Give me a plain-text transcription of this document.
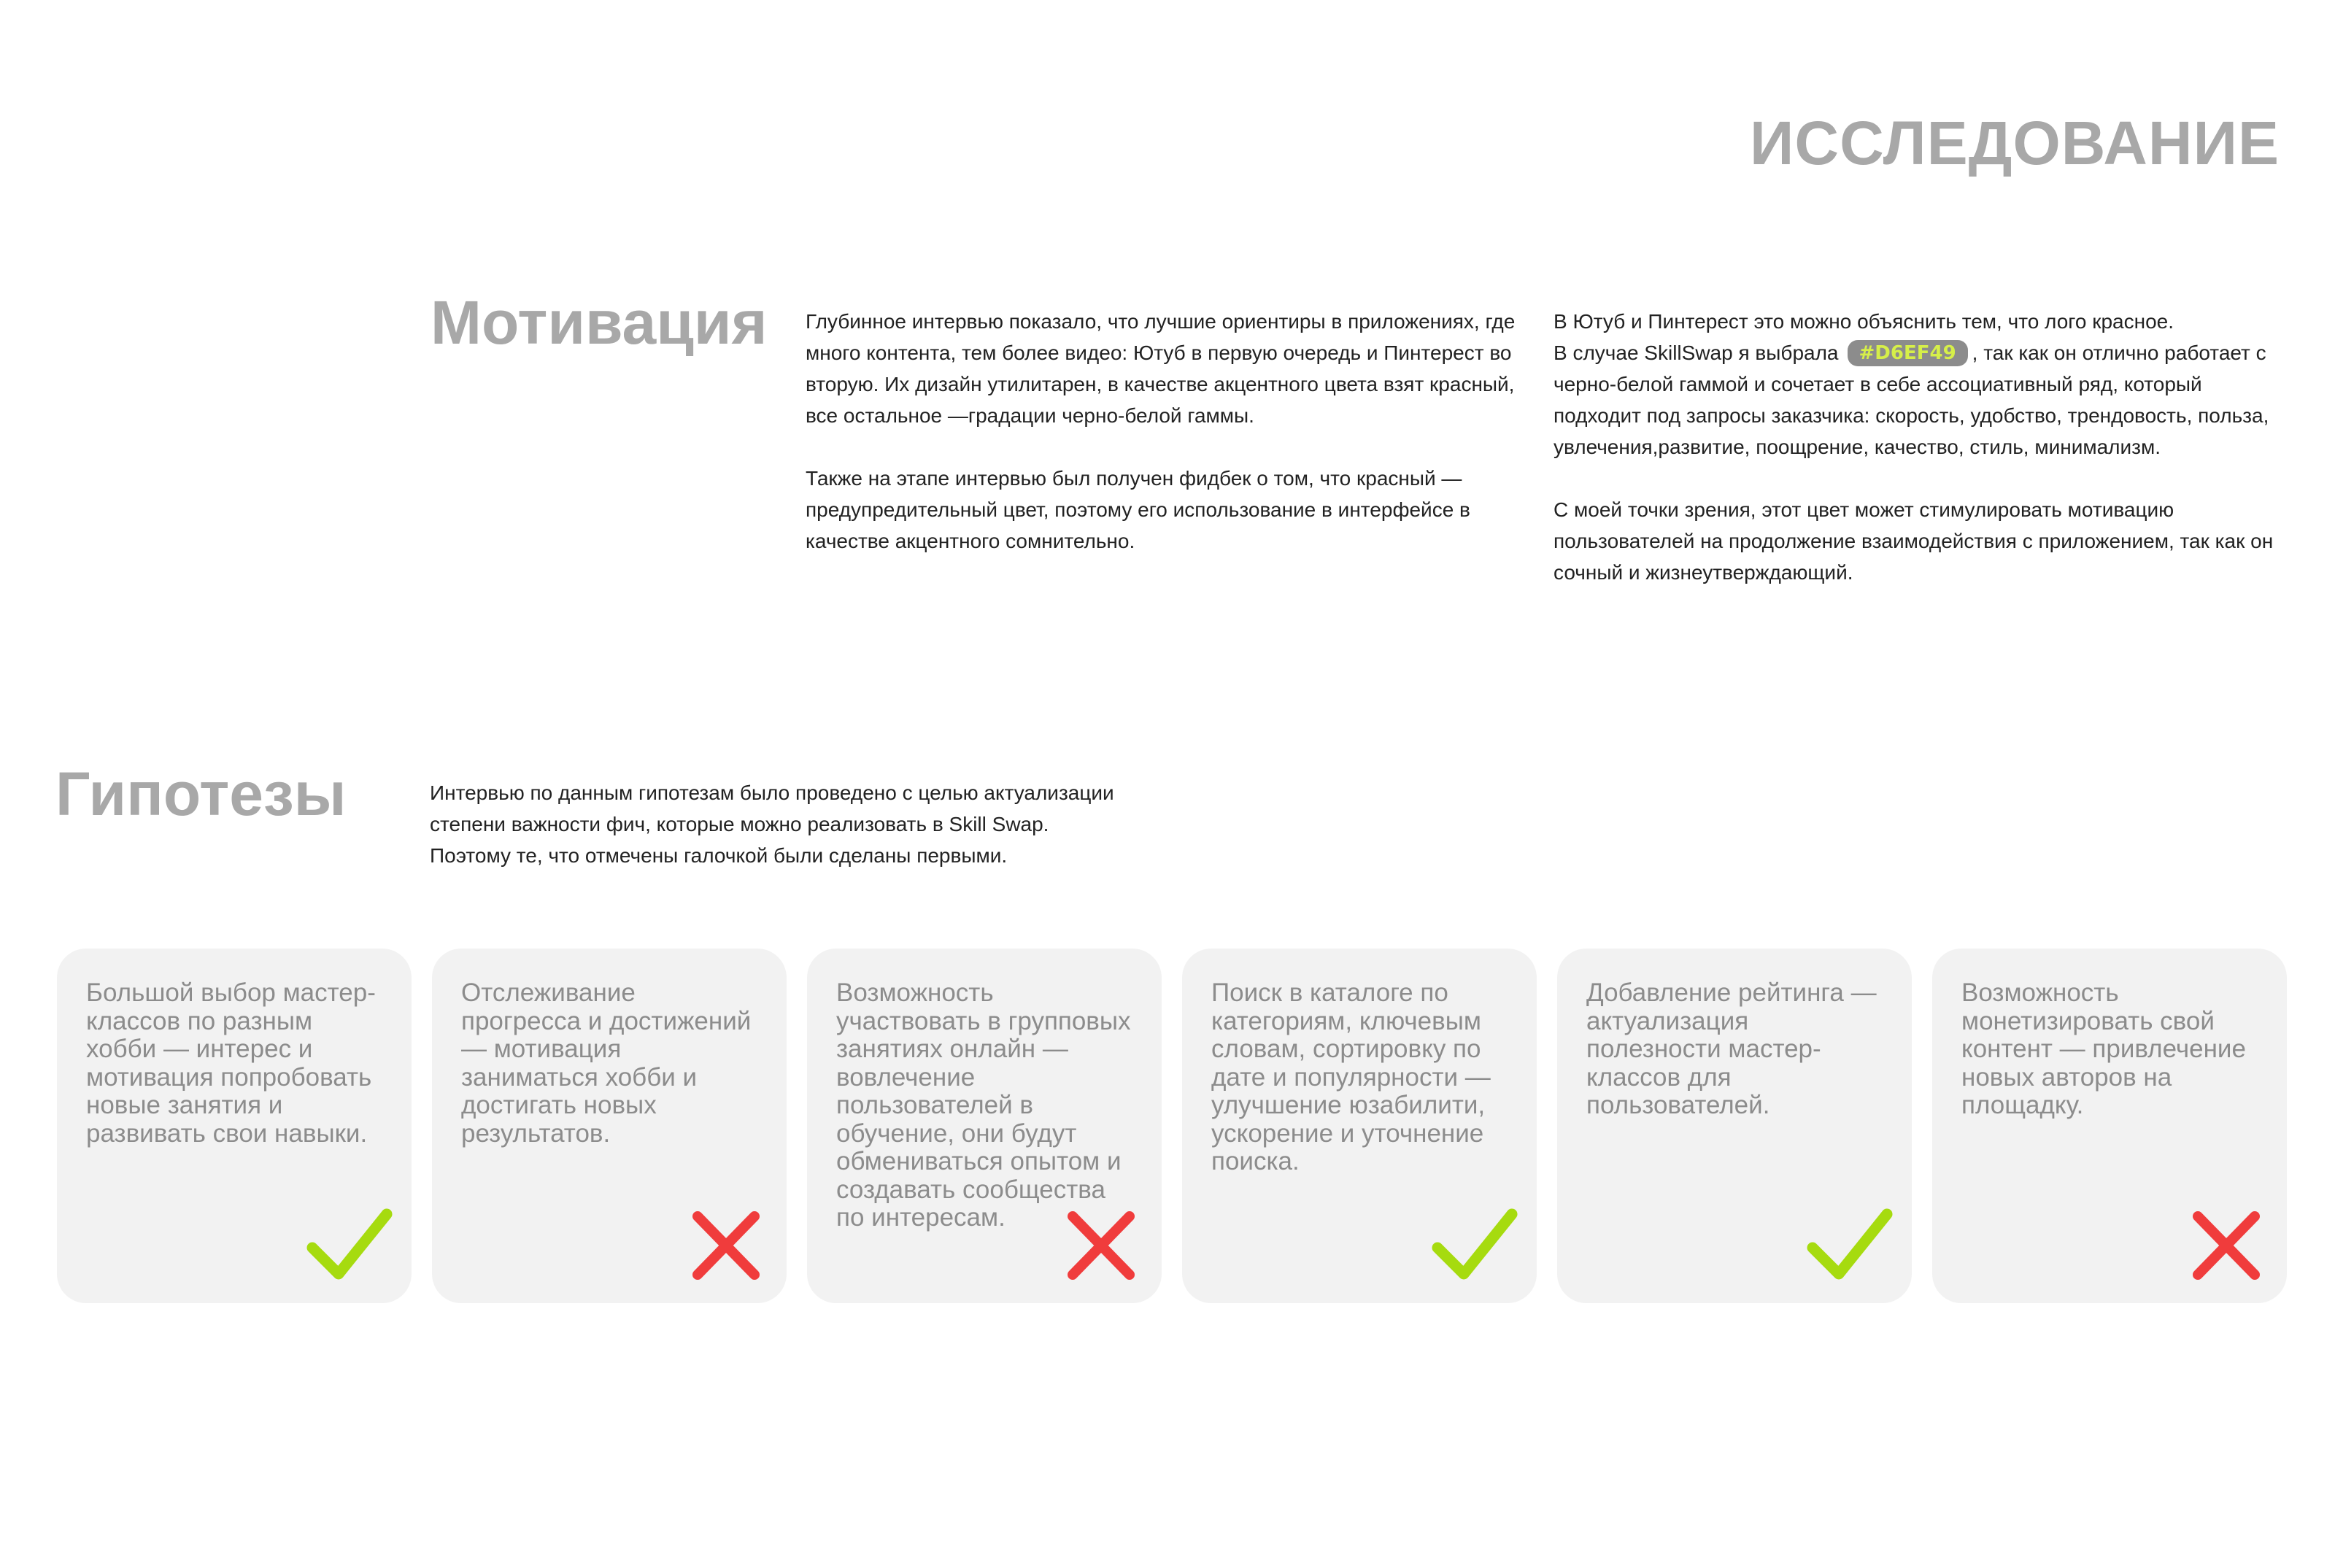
ИССЛЕДОВАНИЕ
Мотивация Глубинное интервью показало, что лучшие ориентиры в приложениях, где много контента, тем более видео: Ютуб в первую очередь и Пинтерест во вторую. Их дизайн утилитарен, в качестве акцентного цвета взят красный, все остальное —градации черно-белой гаммы.

Также на этапе интервью был получен фидбек о том, что красный — предупредительный цвет, поэтому его использование в интерфейсе в качестве акцентного сомнительно.

В Ютуб и Пинтерест это можно объяснить тем, что лого красное.
В случае SkillSwap я выбрала #D6EF49 , так как он отлично работает с черно-белой гаммой и сочетает в себе ассоциативный ряд, который подходит под запросы заказчика: скорость, удобство, трендовость, польза, увлечения,развитие, поощрение, качество, стиль, минимализм.

С моей точки зрения, этот цвет может стимулировать мотивацию пользователей на продолжение взаимодействия с приложением, так как он сочный и жизнеутверждающий.

Гипотезы	Интервью по данным гипотезам было проведено с целью актуализации степени важности фич, которые можно реализовать в Skill Swap. Поэтому те, что отмечены галочкой были сделаны первыми.

Большой выбор мастер-классов по разным хобби — интерес и мотивация попробовать новые занятия и развивать свои навыки.

Отслеживание прогресса и достижений — мотивация заниматься хобби и достигать новых результатов.

Возможность участвовать в групповых занятиях онлайн — вовлечение пользователей в обучение, они будут обмениваться опытом и создавать сообщества по интересам.

Поиск в каталоге по категориям, ключевым словам, сортировку по дате и популярности — улучшение юзабилити, ускорение и уточнение поиска.

Добавление рейтинга — актуализация полезности мастер-классов для пользователей.

Возможность монетизировать свой контент — привлечение новых авторов на площадку.
